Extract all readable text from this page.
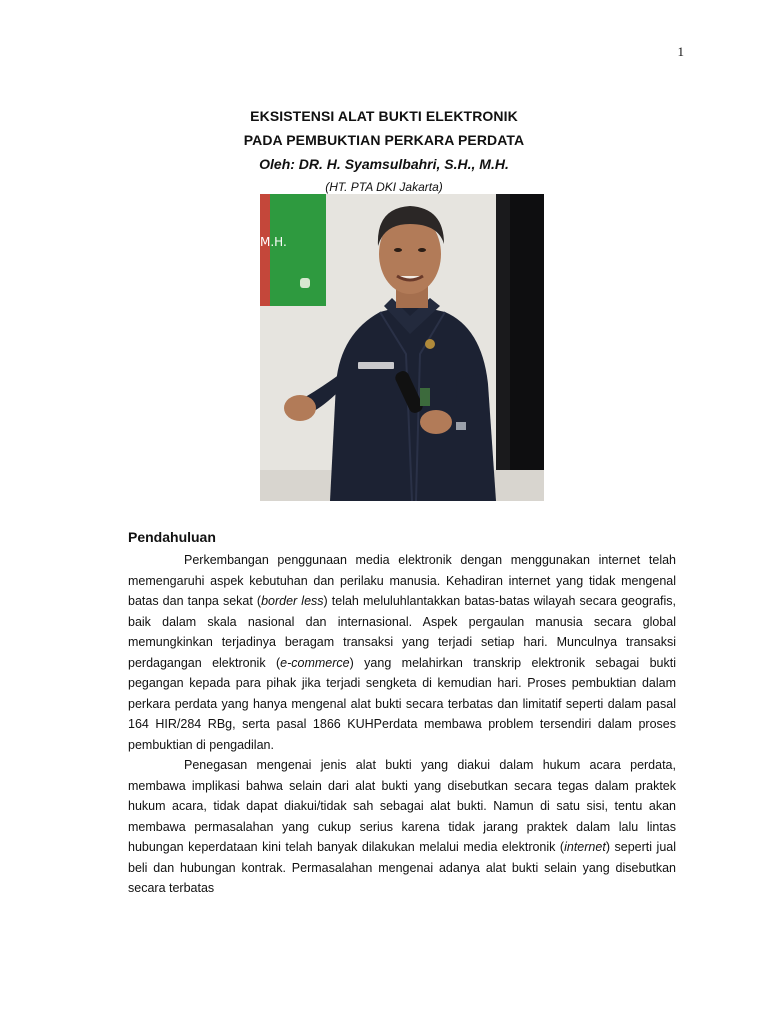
1
EKSISTENSI ALAT BUKTI ELEKTRONIK
PADA PEMBUKTIAN PERKARA PERDATA
Oleh: DR. H. Syamsulbahri, S.H., M.H.
(HT. PTA DKI Jakarta)
M.H.
Pendahuluan

Perkembangan penggunaan media elektronik dengan menggunakan internet telah memengaruhi aspek kebutuhan dan perilaku manusia. Kehadiran internet yang tidak mengenal batas dan tanpa sekat (border less) telah meluluhlantakkan batas-batas wilayah secara geografis, baik dalam skala nasional dan internasional. Aspek pergaulan manusia secara global memungkinkan terjadinya beragam transaksi yang terjadi setiap hari. Munculnya transaksi perdagangan elektronik (e-commerce) yang melahirkan transkrip elektronik sebagai bukti pegangan kepada para pihak jika terjadi sengketa di kemudian hari. Proses pembuktian dalam perkara perdata yang hanya mengenal alat bukti secara terbatas dan limitatif seperti dalam pasal 164 HIR/284 RBg, serta pasal 1866 KUHPerdata membawa problem tersendiri dalam proses pembuktian di pengadilan.

Penegasan mengenai jenis alat bukti yang diakui dalam hukum acara perdata, membawa implikasi bahwa selain dari alat bukti yang disebutkan secara tegas dalam praktek hukum acara, tidak dapat diakui/tidak sah sebagai alat bukti. Namun di satu sisi, tentu akan membawa permasalahan yang cukup serius karena tidak jarang praktek dalam lalu lintas hubungan keperdataan kini telah banyak dilakukan melalui media elektronik (internet) seperti jual beli dan hubungan kontrak. Permasalahan mengenai adanya alat bukti selain yang disebutkan secara terbatas
